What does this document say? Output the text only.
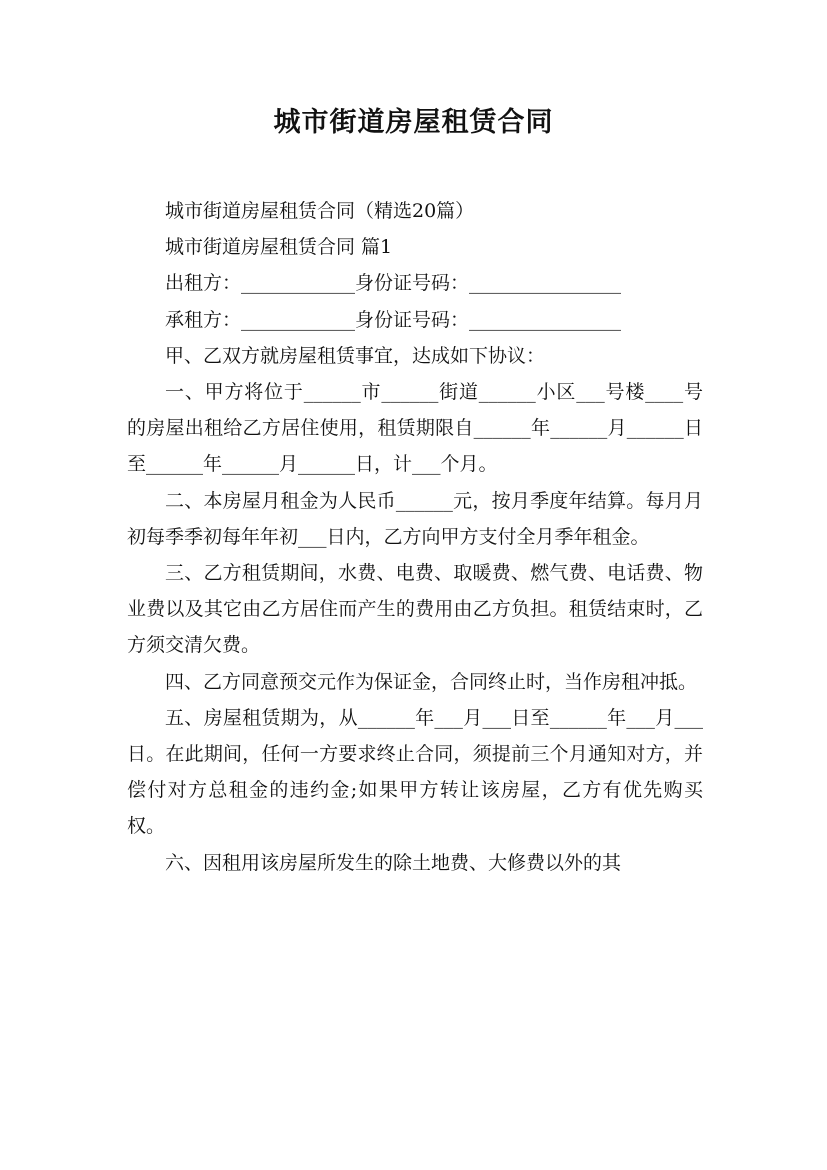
城市街道房屋租赁合同

城市街道房屋租赁合同（精选20篇）

城市街道房屋租赁合同 篇1

出租方：____________身份证号码：________________

承租方：____________身份证号码：________________

甲、乙双方就房屋租赁事宜，达成如下协议：

一、甲方将位于______市______街道______小区___号楼____号的房屋出租给乙方居住使用，租赁期限自______年______月______日至______年______月______日，计___个月。

二、本房屋月租金为人民币______元，按月季度年结算。每月月初每季季初每年年初___日内，乙方向甲方支付全月季年租金。

三、乙方租赁期间，水费、电费、取暖费、燃气费、电话费、物业费以及其它由乙方居住而产生的费用由乙方负担。租赁结束时，乙方须交清欠费。

四、乙方同意预交元作为保证金，合同终止时，当作房租冲抵。

五、房屋租赁期为，从______年___月___日至______年___月___日。在此期间，任何一方要求终止合同，须提前三个月通知对方，并偿付对方总租金的违约金;如果甲方转让该房屋，乙方有优先购买权。

六、因租用该房屋所发生的除土地费、大修费以外的其
